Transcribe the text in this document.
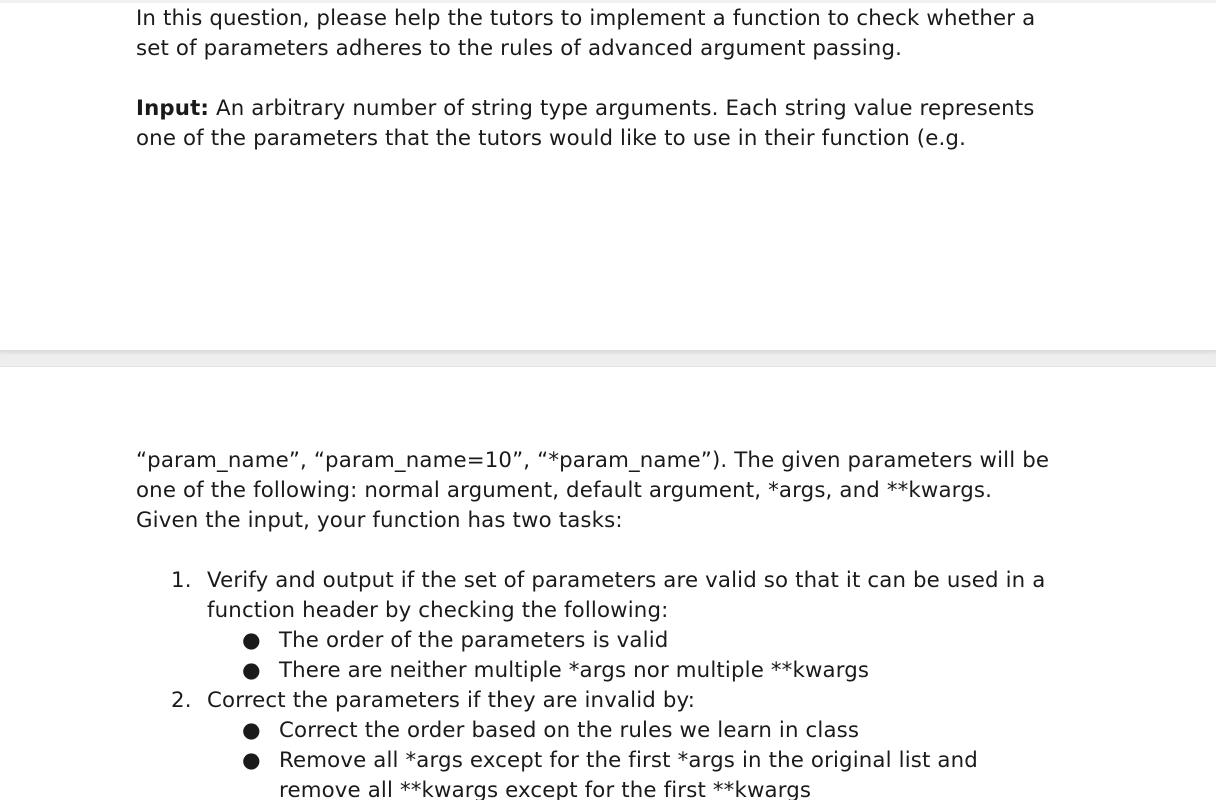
In this question, please help the tutors to implement a function to check whether a
set of parameters adheres to the rules of advanced argument passing.
Input: An arbitrary number of string type arguments. Each string value represents
one of the parameters that the tutors would like to use in their function (e.g.
“param_name”, “param_name=10”, “*param_name”). The given parameters will be
one of the following: normal argument, default argument, *args, and **kwargs.
Given the input, your function has two tasks:
1. Verify and output if the set of parameters are valid so that it can be used in a
function header by checking the following:
● The order of the parameters is valid
● There are neither multiple *args nor multiple **kwargs
2. Correct the parameters if they are invalid by:
● Correct the order based on the rules we learn in class
● Remove all *args except for the first *args in the original list and
remove all **kwargs except for the first **kwargs
